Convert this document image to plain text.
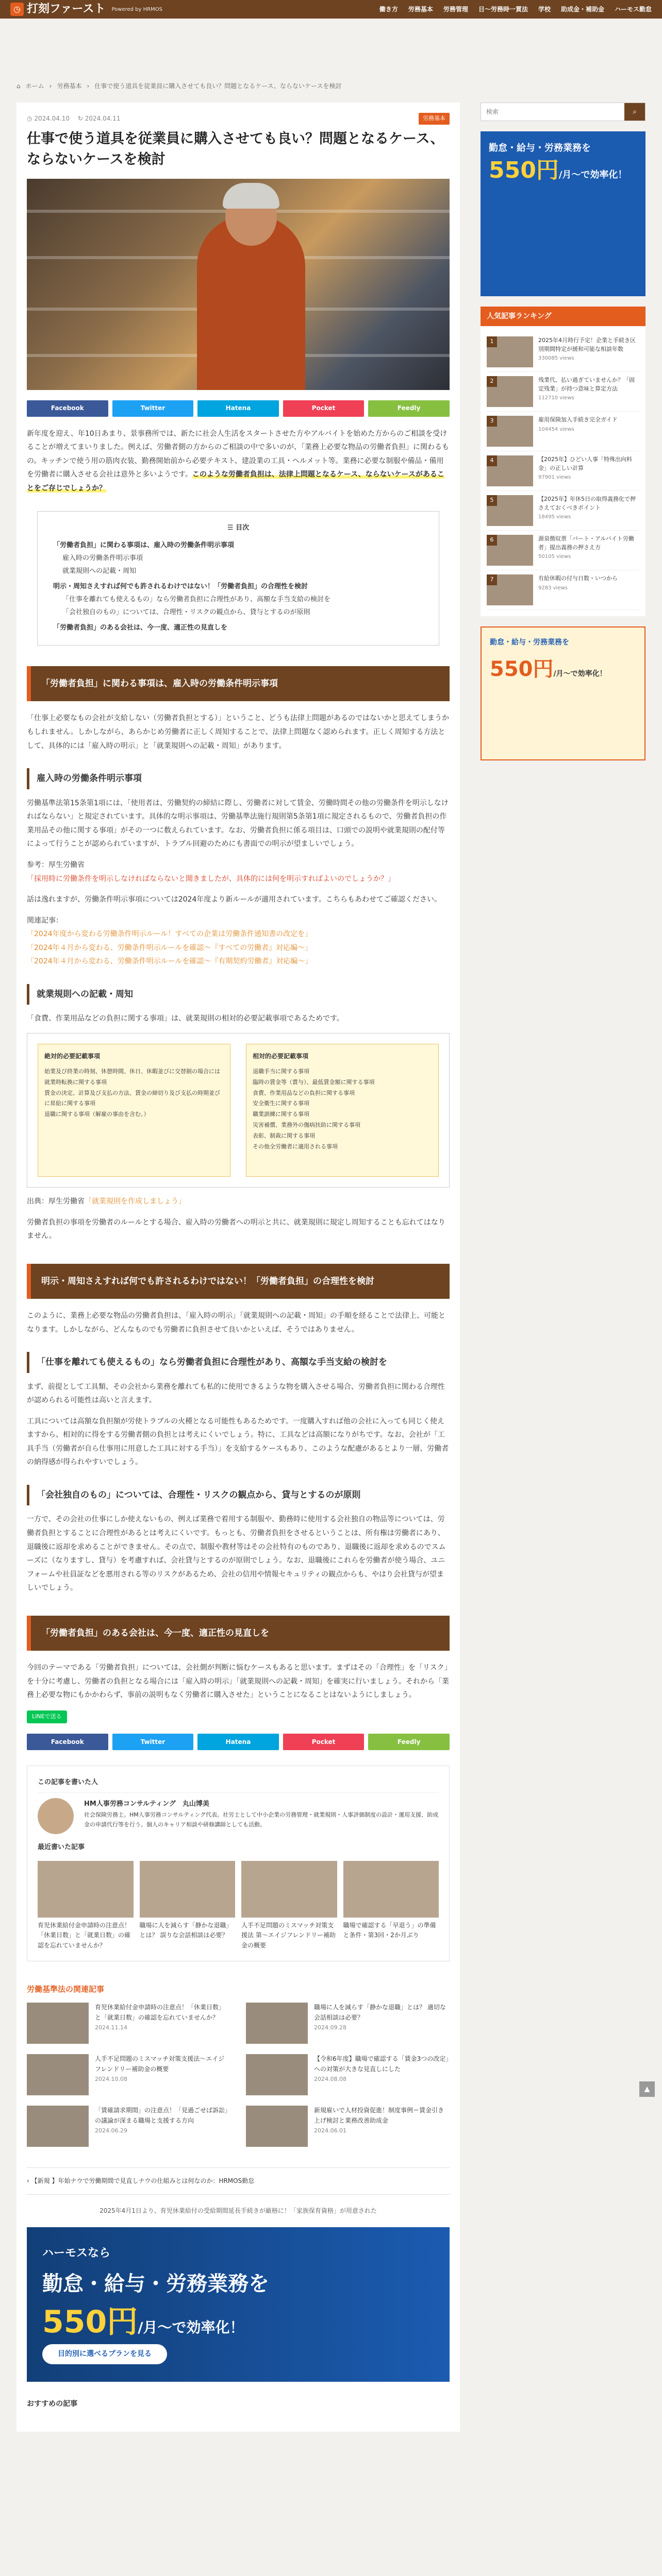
◷ 打刻ファースト Powered by HRMOS	働き方 労務基本 労務管理 日〜労務時一貫法 学校 助成金・補助金 ハーモス勤怠
⌂ ホーム › 労務基本 › 仕事で使う道具を従業員に購入させても良い？問題となるケース、ならないケースを検討
◷ 2024.04.10 　 ↻ 2024.04.11	労務基本
仕事で使う道具を従業員に購入させても良い？問題となるケース、ならないケースを検討
Facebook	Twitter	Hatena	Pocket	Feedly

新年度を迎え、年10日あまり、景事務所では、新たに社会人生活をスタートさせた方やアルバイトを始めた方からのご相談を受けることが増えてまいりました。例えば、労働者側の方からのご相談の中で多いのが、「業務上必要な物品の労働者負担」に関わるもの。キッチンで使う用の筋肉衣装、勤務開始前から必要テキスト、建設業の工具・ヘルメット等。業務に必要な制服や備品・備用を労働者に購入させる会社は意外と多いようです。このような労働者負担は、法律上問題となるケース、ならないケースがあることをご存じでしょうか？

☰ 目次
「労働者負担」に関わる事項は、雇入時の労働条件明示事項
雇入時の労働条件明示事項
就業規則への記載・周知
明示・周知さえすれば何でも許されるわけではない！「労働者負担」の合理性を検討
「仕事を離れても使えるもの」なら労働者負担に合理性があり、高額な手当支給の検討を
「会社独自のもの」については、合理性・リスクの観点から、貸与とするのが原則
「労働者負担」のある会社は、今一度、適正性の見直しを
「労働者負担」に関わる事項は、雇入時の労働条件明示事項

「仕事上必要なもの会社が支給しない（労働者負担とする）」ということ、どうも法律上問題があるのではないかと思えてしまうかもしれません。しかしながら、あらかじめ労働者に正しく周知することで、法律上問題なく認められます。正しく周知する方法として、具体的には「雇入時の明示」と「就業規則への記載・周知」があります。

雇入時の労働条件明示事項

労働基準法第15条第1項には、「使用者は、労働契約の締結に際し、労働者に対して賃金、労働時間その他の労働条件を明示しなければならない」と規定されています。具体的な明示事項は、労働基準法施行規則第5条第1項に規定されるもので、労働者負担の作業用品その他に関する事項」がその一つに数えられています。なお、労働者負担に係る項目は、口頭での説明や就業規則の配付等によって行うことが認められていますが、トラブル回避のためにも書面での明示が望ましいでしょう。

参考：厚生労働省「採用時に労働条件を明示しなければならないと聞きましたが、具体的には何を明示すればよいのでしょうか？」

話は逸れますが、労働条件明示事項については2024年度より新ルールが適用されています。こちらもあわせてご確認ください。

関連記事：
「2024年度から変わる労働条件明示ルール！すべての企業は労働条件通知書の改定を」
「2024年４月から変わる、労働条件明示ルールを確認〜『すべての労働者』対応編〜」
「2024年４月から変わる、労働条件明示ルールを確認〜『有期契約労働者』対応編〜」

就業規則への記載・周知

「食費、作業用品などの負担に関する事項」は、就業規則の相対的必要記載事項であるためです。

絶対的必要記載事項
始業及び終業の時刻、休憩時間、休日、休暇並びに交替制の場合には就業時転換に関する事項
賃金の決定、計算及び支払の方法、賃金の締切り及び支払の時期並びに昇給に関する事項
退職に関する事項（解雇の事由を含む。）
相対的必要記載事項
退職手当に関する事項
臨時の賃金等（賞与）、最低賃金額に関する事項
食費、作業用品などの負担に関する事項
安全衛生に関する事項
職業訓練に関する事項
災害補償、業務外の傷病扶助に関する事項
表彰、制裁に関する事項
その他全労働者に適用される事項

出典：厚生労働省「就業規則を作成しましょう」

労働者負担の事項を労働者のルールとする場合、雇入時の労働者への明示と共に、就業規則に規定し周知することも忘れてはなりません。

明示・周知さえすれば何でも許されるわけではない！「労働者負担」の合理性を検討

このように、業務上必要な物品の労働者負担は、「雇入時の明示」「就業規則への記載・周知」の手順を経ることで法律上、可能となります。しかしながら、どんなものでも労働者に負担させて良いかといえば、そうではありません。

「仕事を離れても使えるもの」なら労働者負担に合理性があり、高額な手当支給の検討を

まず、前提として工具類、その会社から業務を離れても私的に使用できるような物を購入させる場合、労働者負担に関わる合理性が認められる可能性は高いと言えます。

工具については高額な負担額が労使トラブルの火種となる可能性もあるためです。一度購入すれば他の会社に入っても同じく使えますから、相対的に得をする労働者側の負担とは考えにくいでしょう。特に、工具などは高額になりがちです。なお、会社が「工具手当（労働者が自ら仕事用に用意した工具に対する手当）」を支給するケースもあり、このような配慮があるとより一層、労働者の納得感が得られやすいでしょう。

「会社独自のもの」については、合理性・リスクの観点から、貸与とするのが原則

一方で、その会社の仕事にしか使えないもの、例えば業務で着用する制服や、勤務時に使用する会社独自の物品等については、労働者負担とすることに合理性があるとは考えにくいです。もっとも、労働者負担をさせるということは、所有権は労働者にあり、退職後に返却を求めることができません。その点で、制服や教材等はその会社特有のものであり、退職後に返却を求めるのでスムーズに（なりますし、貸与）を考慮すれば、会社貸与とするのが原則でしょう。なお、退職後にこれらを労働者が使う場合、ユニフォームや社員証などを悪用される等のリスクがあるため、会社の信用や情報セキュリティの観点からも、やはり会社貸与が望ましいでしょう。

「労働者負担」のある会社は、今一度、適正性の見直しを

今回のテーマである「労働者負担」については、会社側が判断に悩むケースもあると思います。まずはその「合理性」を「リスク」を十分に考慮し、労働者の負担となる場合には「雇入時の明示」「就業規則への記載・周知」を確実に行いましょう。それから「業務上必要な物にもかかわらず、事前の説明もなく労働者に購入させた」ということになることはないようにしましょう。

LINEで送る
Facebook	Twitter	Hatena	Pocket	Feedly
この記事を書いた人
HM人事労務コンサルティング　丸山博美
社会保険労務士。HM人事労務コンサルティング代表。社労士として中小企業の労務管理・就業規則・人事評価制度の設計・運用支援、助成金の申請代行等を行う。個人のキャリア相談や研修講師としても活動。
最近書いた記事
育児休業給付金申請時の注意点！「休業日数」と「就業日数」の確認を忘れていませんか？
職場に人を減らす「静かな退職」とは？ 誤りな会話相談は必要？
人手不足問題のミスマッチ対策支援法 第〜エイジフレンドリー補助金の概要
職場で確認する「早退う」の準備と条件・第3回・2か月ぶり
労働基準法の関連記事
育児休業給付金申請時の注意点！「休業日数」と「就業日数」の確認を忘れていませんか？
2024.11.14
職場に人を減らす「静かな退職」とは？ 適切な会話相談は必要？
2024.09.28
人手不足問題のミスマッチ対策支援法〜エイジフレンドリー補助金の概要
2024.10.08
【令和6年度】職場で確認する「賃金3つの改定」への対策が大きな見直しにした
2024.08.08
「賃確請求期間」の注意点！「見過ごせば訴訟」の議論が深まる職場と支援する方向
2024.06.29
新規雇いで人材投資促進！制度事例＝賃金引き上げ検討と業務改善助成金
2024.06.01
‹ 【新規 】年始ナウで労働期間で見直しナウの仕組みとは何なのか：HRMOS勤怠
2025年4月1日より、育児休業給付の受給期間延長手続きが厳格に！「家族保育資格」が用意された
ハーモスなら
勤怠・給与・労務業務を
550円/月〜で効率化！
目的別に選べるプランを見る
おすすめの記事
検索
⌕
勤怠・給与・労務業務を
550円/月〜で効率化！
人気記事ランキング
1	2025年4月時行予定！企業と手続き区別期間特定が緩和可能な相談年数
330085 views
2	残業代、払い過ぎていませんか？「固定残業」が持つ意味と算定方法
112710 views
3	雇用保険加入手続き完全ガイド
104454 views
4	【2025年】ひどい人事「特殊出向料金」の正しい計算
97901 views
5	【2025年】年休5日の取得義務化で押さえておくべきポイント
18495 views
6	源泉徴収票「パート・アルバイト労働者」提出義務の押さえ方
50105 views
7	有給休暇の付与日数・いつから
9283 views
勤怠・給与・労務業務を
550円/月〜で効率化！
▲
